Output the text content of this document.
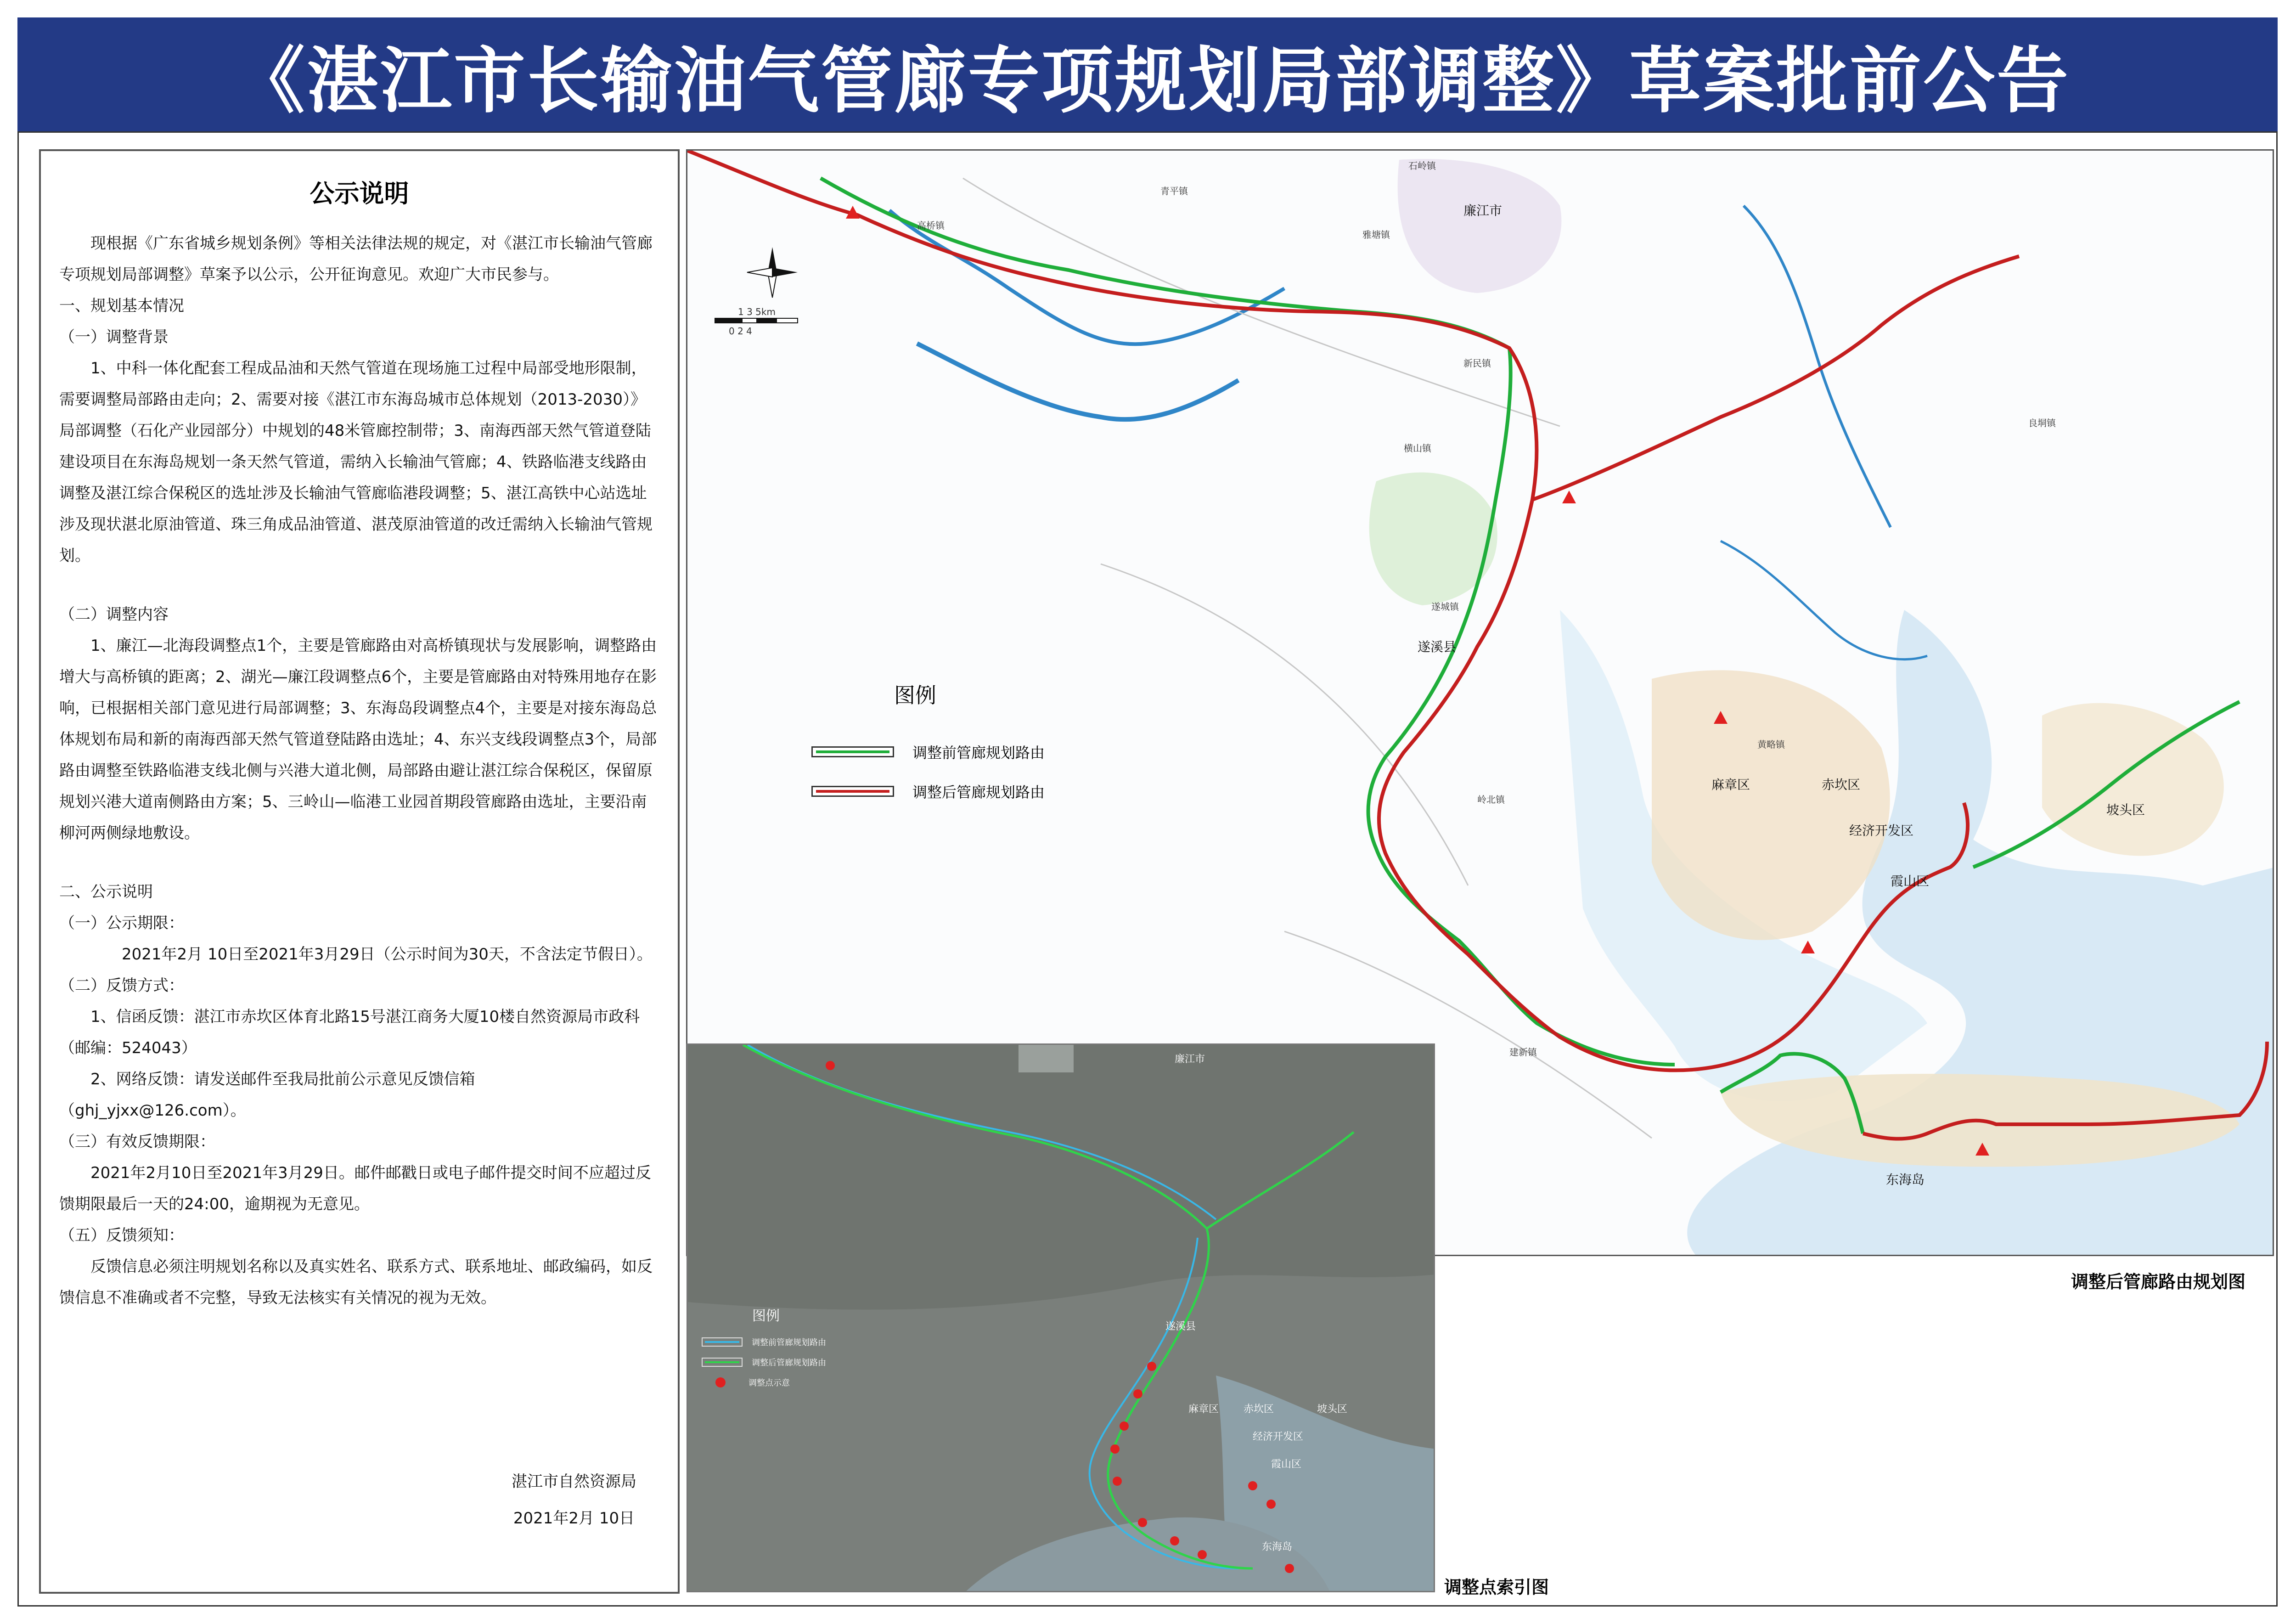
《湛江市长输油气管廊专项规划局部调整》草案批前公告
公示说明

现根据《广东省城乡规划条例》等相关法律法规的规定，对《湛江市长输油气管廊专项规划局部调整》草案予以公示，公开征询意见。欢迎广大市民参与。

一、规划基本情况

（一）调整背景

1、中科一体化配套工程成品油和天然气管道在现场施工过程中局部受地形限制，需要调整局部路由走向；2、需要对接《湛江市东海岛城市总体规划（2013-2030）》局部调整（石化产业园部分）中规划的48米管廊控制带；3、南海西部天然气管道登陆建设项目在东海岛规划一条天然气管道，需纳入长输油气管廊；4、铁路临港支线路由调整及湛江综合保税区的选址涉及长输油气管廊临港段调整；5、湛江高铁中心站选址涉及现状湛北原油管道、珠三角成品油管道、湛茂原油管道的改迁需纳入长输油气管规划。

（二）调整内容

1、廉江—北海段调整点1个，主要是管廊路由对高桥镇现状与发展影响，调整路由增大与高桥镇的距离；2、湖光—廉江段调整点6个，主要是管廊路由对特殊用地存在影响，已根据相关部门意见进行局部调整；3、东海岛段调整点4个，主要是对接东海岛总体规划布局和新的南海西部天然气管道登陆路由选址；4、东兴支线段调整点3个，局部路由调整至铁路临港支线北侧与兴港大道北侧，局部路由避让湛江综合保税区，保留原规划兴港大道南侧路由方案；5、三岭山—临港工业园首期段管廊路由选址，主要沿南柳河两侧绿地敷设。

二、公示说明

（一）公示期限：

2021年2月 10日至2021年3月29日（公示时间为30天，不含法定节假日）。

（二）反馈方式：

1、信函反馈：湛江市赤坎区体育北路15号湛江商务大厦10楼自然资源局市政科（邮编：524043）

2、网络反馈：请发送邮件至我局批前公示意见反馈信箱

（ghj_yjxx@126.com）。

（三）有效反馈期限：

2021年2月10日至2021年3月29日。邮件邮戳日或电子邮件提交时间不应超过反馈期限最后一天的24:00，逾期视为无意见。

（五）反馈须知：

反馈信息必须注明规划名称以及真实姓名、联系方式、联系地址、邮政编码，如反馈信息不准确或者不完整，导致无法核实有关情况的视为无效。

湛江市自然资源局

2021年2月 10日

1 3 5km
0 2 4
廉江市
遂溪县
麻章区	赤坎区
经济开发区
霞山区
坡头区
东海岛
高桥镇
青平镇
石岭镇
雅塘镇
新民镇
横山镇
岭北镇
建新镇
良垌镇
黄略镇
遂城镇
图例
调整前管廊规划路由
调整后管廊规划路由
调整后管廊路由规划图
廉江市
遂溪县
麻章区 赤坎区	坡头区
经济开发区
霞山区
东海岛
图例
调整前管廊规划路由
调整后管廊规划路由
调整点示意
调整点索引图
